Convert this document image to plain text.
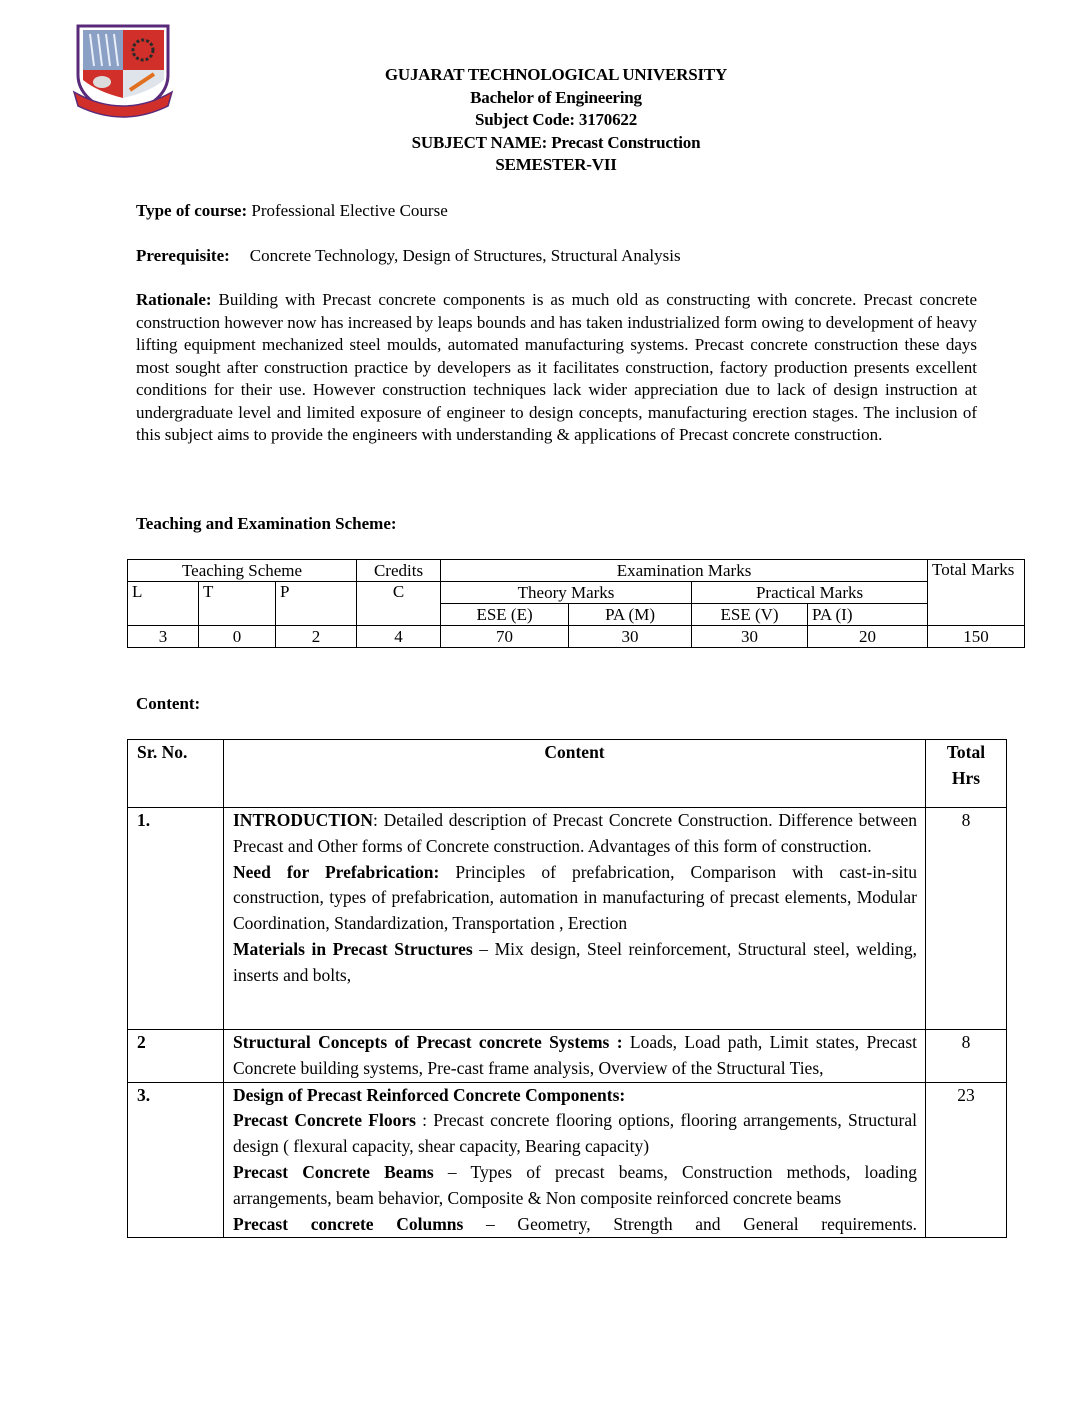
GUJARAT TECHNOLOGICAL UNIVERSITY
Bachelor of Engineering
Subject Code: 3170622
SUBJECT NAME: Precast Construction
SEMESTER-VII
Type of course: Professional Elective Course
Prerequisite: Concrete Technology, Design of Structures, Structural Analysis
Rationale: Building with Precast concrete components is as much old as constructing with concrete. Precast concrete construction however now has increased by leaps bounds and has taken industrialized form owing to development of heavy lifting equipment mechanized steel moulds, automated manufacturing systems. Precast concrete construction these days most sought after construction practice by developers as it facilitates construction, factory production presents excellent conditions for their use. However construction techniques lack wider appreciation due to lack of design instruction at undergraduate level and limited exposure of engineer to design concepts, manufacturing erection stages. The inclusion of this subject aims to provide the engineers with understanding & applications of Precast concrete construction.
Teaching and Examination Scheme:
Teaching Scheme			Credits	Examination Marks				Total Marks
L	T	P	C	Theory Marks		Practical Marks		
				ESE (E)	PA (M)	ESE (V)	PA (I)	
3	0	2	4	70	30	30	20	150
Content:
Sr. No.	Content	Total
Hrs

1.	INTRODUCTION: Detailed description of Precast Concrete Construction. Difference between Precast and Other forms of Concrete construction. Advantages of this form of construction.
Need for Prefabrication: Principles of prefabrication, Comparison with cast-in-situ construction, types of prefabrication, automation in manufacturing of precast elements, Modular Coordination, Standardization, Transportation , Erection
Materials in Precast Structures – Mix design, Steel reinforcement, Structural steel, welding, inserts and bolts,	8
2	Structural Concepts of Precast concrete Systems : Loads, Load path, Limit states, Precast Concrete building systems, Pre-cast frame analysis, Overview of the Structural Ties,	8
3.	Design of Precast Reinforced Concrete Components:
Precast Concrete Floors : Precast concrete flooring options, flooring arrangements, Structural design ( flexural capacity, shear capacity, Bearing capacity)
Precast Concrete Beams – Types of precast beams, Construction methods, loading arrangements, beam behavior, Composite & Non composite reinforced concrete beams
Precast concrete Columns – Geometry, Strength and General requirements.	23
